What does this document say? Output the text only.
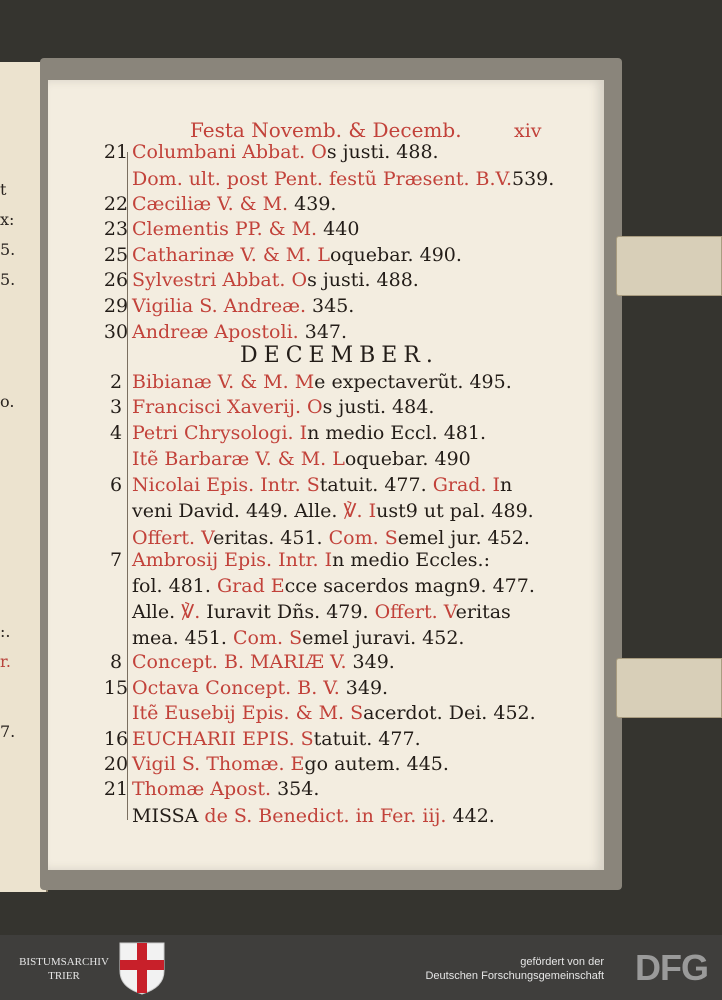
t
x:
5.
5.
o.
:.
r.
7.
Festa Novemb. & Decemb.	xiv
DECEMBER.
21 Columbani Abbat. Os justi. 488.
Dom. ult. post Pent. festũ Præsent. B.V.539.
22 Cæciliæ V. & M. 439.
23 Clementis PP. & M. 440
25 Catharinæ V. & M. Loquebar. 490.
26 Sylvestri Abbat. Os justi. 488.
29 Vigilia S. Andreæ. 345.
30 Andreæ Apostoli. 347.
2 Bibianæ V. & M. Me expectaverũt. 495.
3 Francisci Xaverij. Os justi. 484.
4 Petri Chrysologi. In medio Eccl. 481.
Itẽ Barbaræ V. & M. Loquebar. 490
6 Nicolai Epis. Intr. Statuit. 477. Grad. In
veni David. 449. Alle. ℣. Iust9 ut pal. 489.
Offert. Veritas. 451. Com. Semel jur. 452.
7 Ambrosij Epis. Intr. In medio Eccles.:
fol. 481. Grad Ecce sacerdos magn9. 477.
Alle. ℣. Iuravit Dñs. 479. Offert. Veritas
mea. 451. Com. Semel juravi. 452.
8 Concept. B. MARIÆ V. 349.
15 Octava Concept. B. V. 349.
Itẽ Eusebij Epis. & M. Sacerdot. Dei. 452.
16 EUCHARII EPIS. Statuit. 477.
20 Vigil S. Thomæ. Ego autem. 445.
21 Thomæ Apost. 354.
MISSA de S. Benedict. in Fer. iij. 442.
BISTUMSARCHIV
TRIER
gefördert von der
Deutschen Forschungsgemeinschaft DFG
